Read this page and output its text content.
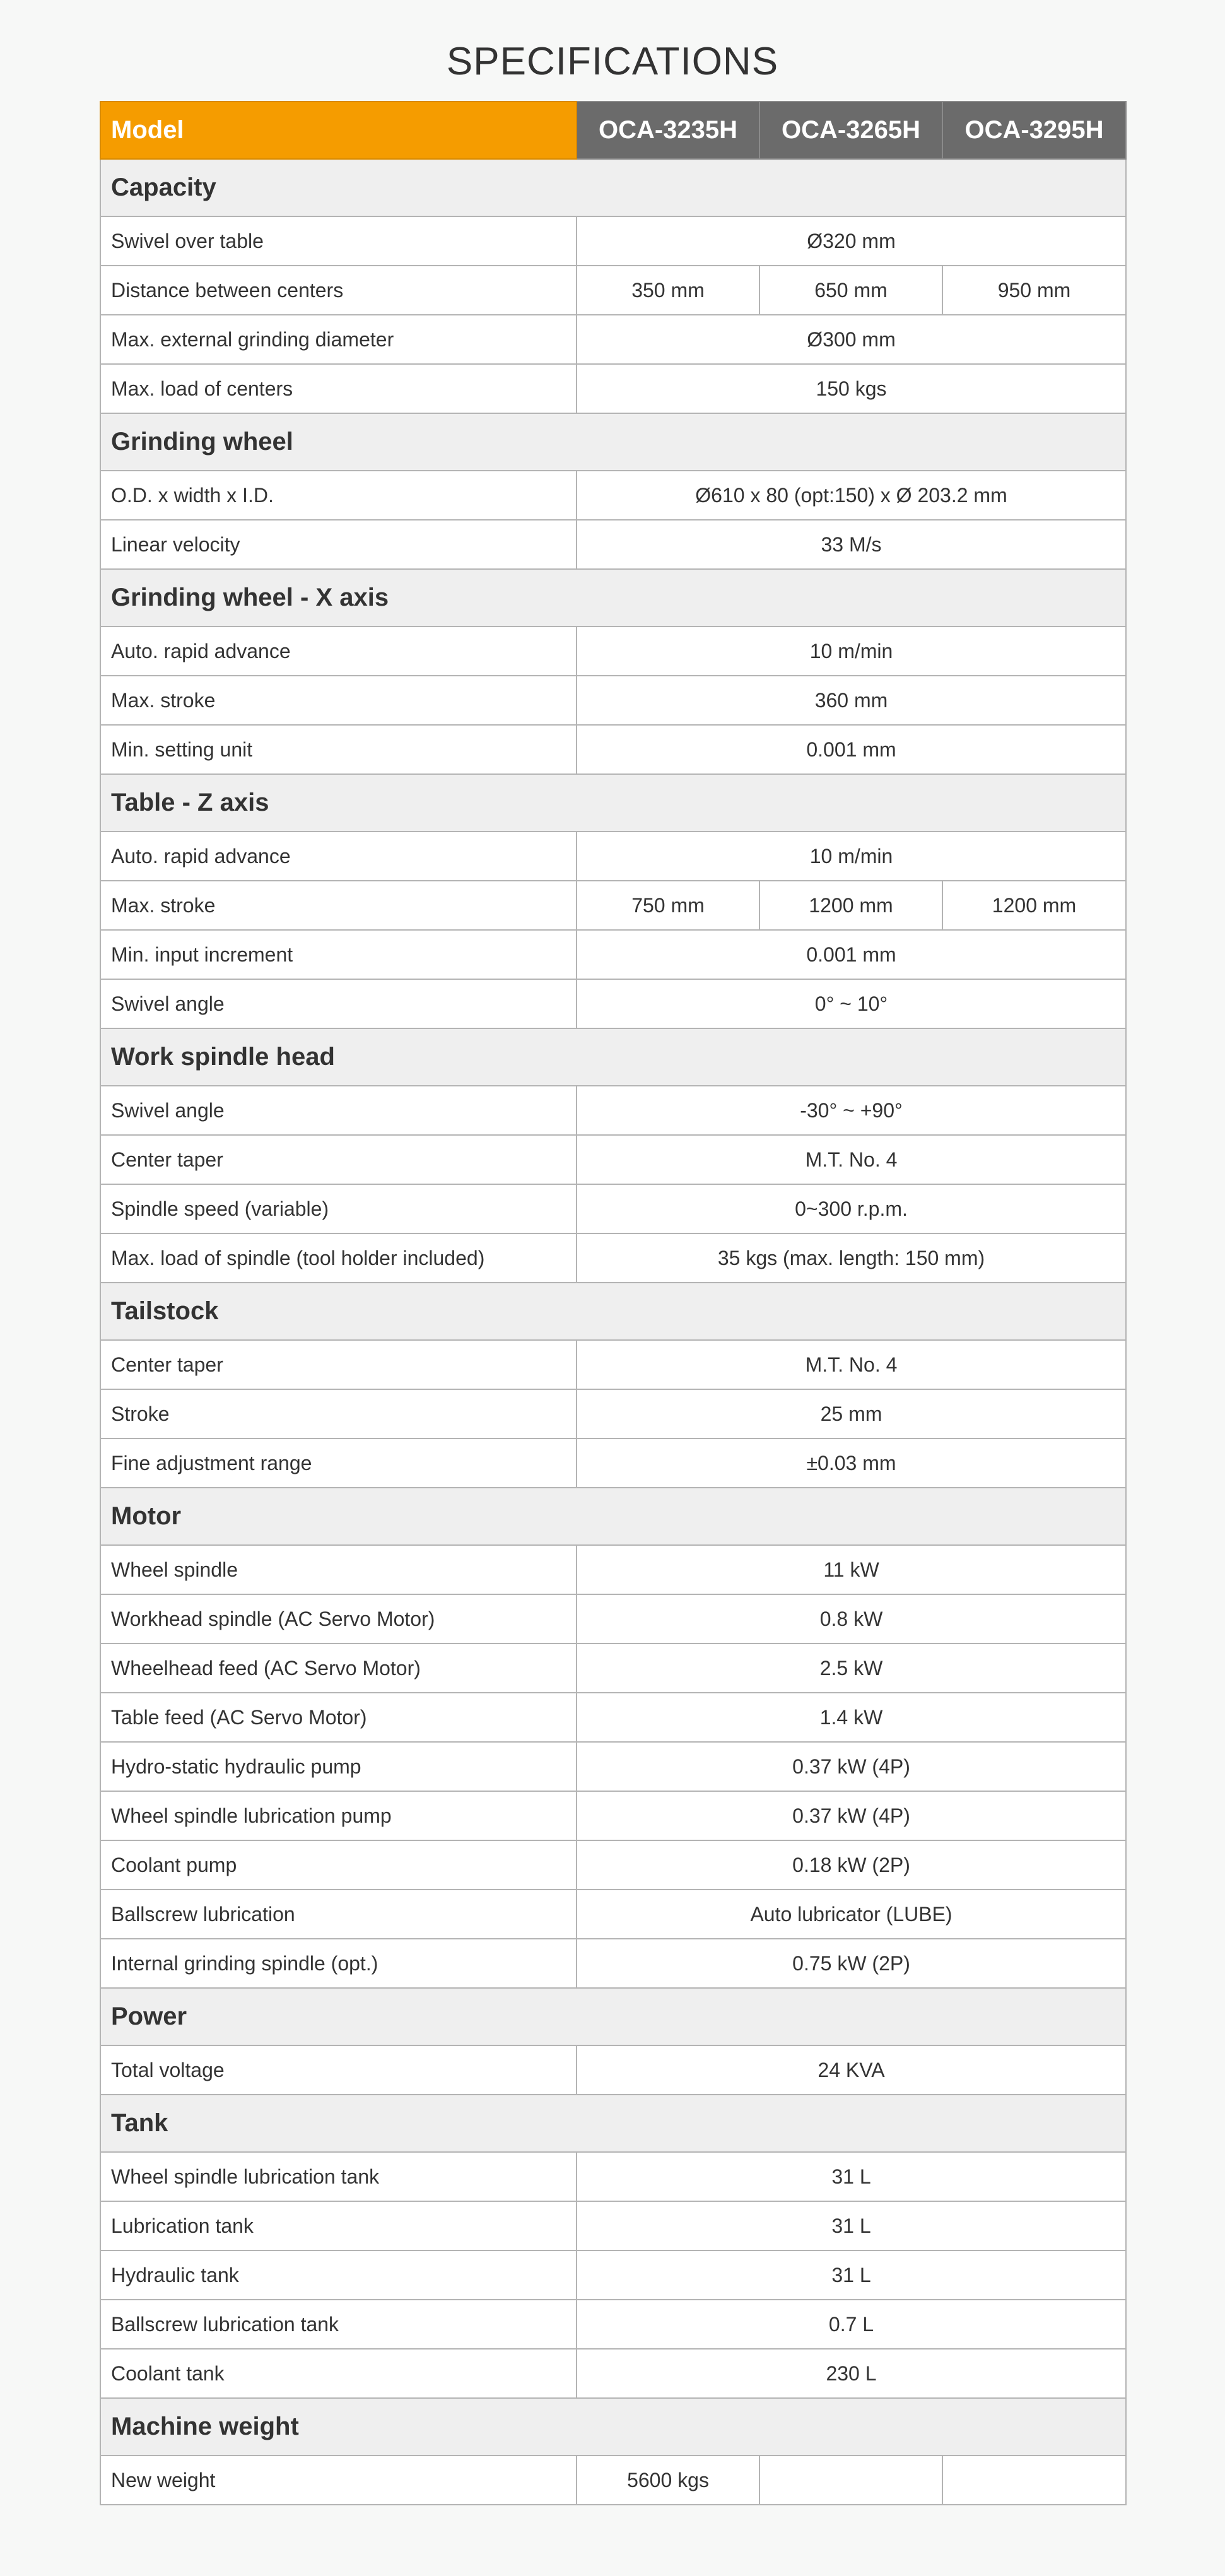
SPECIFICATIONS
Model	OCA-3235H	OCA-3265H	OCA-3295H
Capacity			
Swivel over table	Ø320 mm		
Distance between centers	350 mm	650 mm	950 mm
Max. external grinding diameter	Ø300 mm		
Max. load of centers	150 kgs		
Grinding wheel			
O.D. x width x I.D.	Ø610 x 80 (opt:150) x Ø 203.2 mm		
Linear velocity	33 M/s		
Grinding wheel - X axis			
Auto. rapid advance	10 m/min		
Max. stroke	360 mm		
Min. setting unit	0.001 mm		
Table - Z axis			
Auto. rapid advance	10 m/min		
Max. stroke	750 mm	1200 mm	1200 mm
Min. input increment	0.001 mm		
Swivel angle	0° ~ 10°		
Work spindle head			
Swivel angle	-30° ~ +90°		
Center taper	M.T. No. 4		
Spindle speed (variable)	0~300 r.p.m.		
Max. load of spindle (tool holder included)	35 kgs (max. length: 150 mm)		
Tailstock			
Center taper	M.T. No. 4		
Stroke	25 mm		
Fine adjustment range	±0.03 mm		
Motor			
Wheel spindle	11 kW		
Workhead spindle (AC Servo Motor)	0.8 kW		
Wheelhead feed (AC Servo Motor)	2.5 kW		
Table feed (AC Servo Motor)	1.4 kW		
Hydro-static hydraulic pump	0.37 kW (4P)		
Wheel spindle lubrication pump	0.37 kW (4P)		
Coolant pump	0.18 kW (2P)		
Ballscrew lubrication	Auto lubricator (LUBE)		
Internal grinding spindle (opt.)	0.75 kW (2P)		
Power			
Total voltage	24 KVA		
Tank			
Wheel spindle lubrication tank	31 L		
Lubrication tank	31 L		
Hydraulic tank	31 L		
Ballscrew lubrication tank	0.7 L		
Coolant tank	230 L		
Machine weight			
New weight	5600 kgs		
